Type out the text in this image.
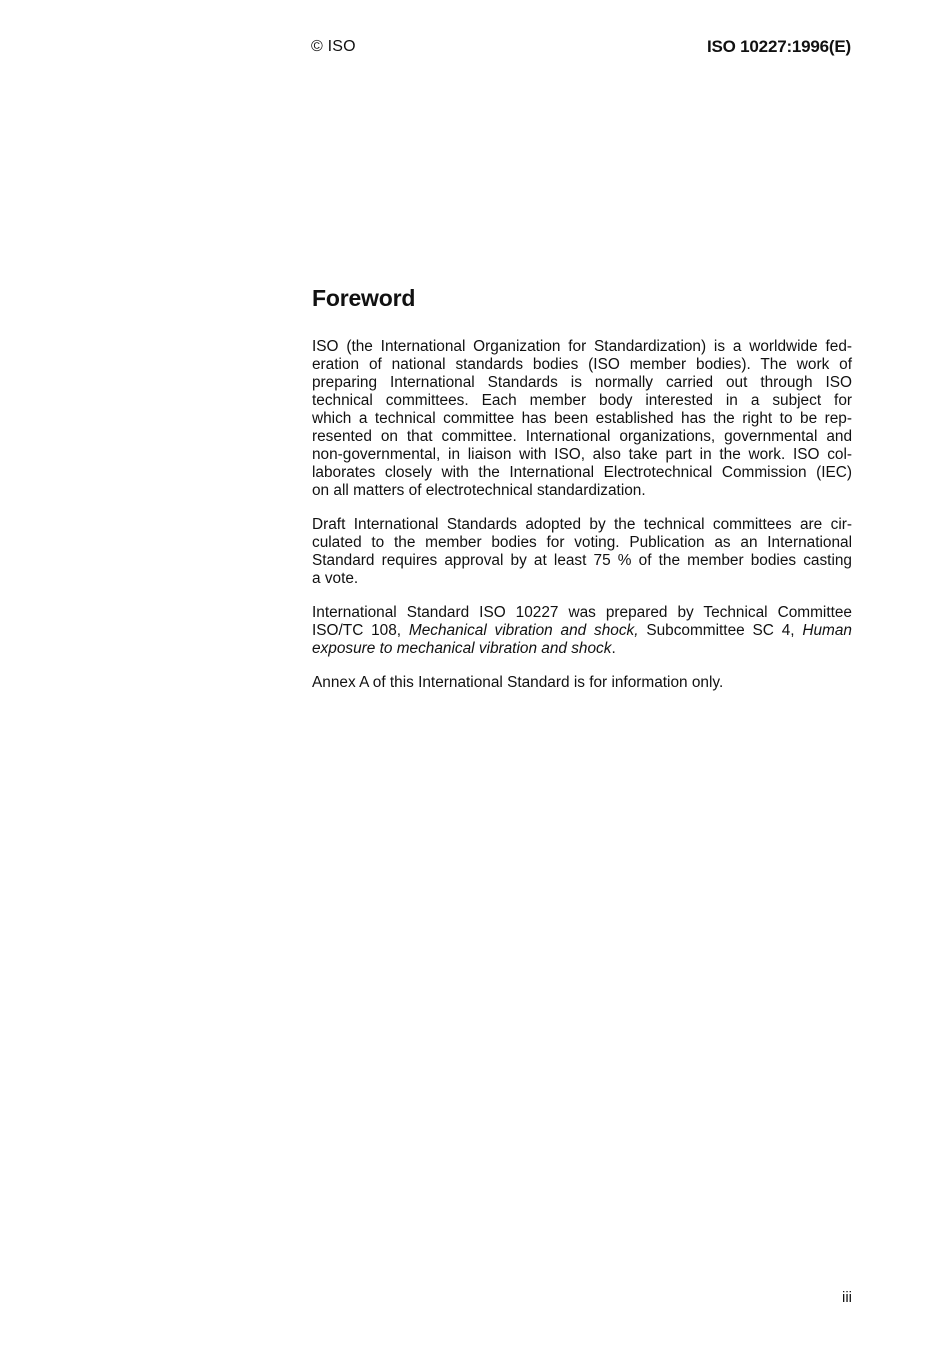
© ISO	ISO 10227:1996(E)
Foreword

ISO (the International Organization for Standardization) is a worldwide fed-
eration of national standards bodies (ISO member bodies). The work of
preparing International Standards is normally carried out through ISO
technical committees. Each member body interested in a subject for
which a technical committee has been established has the right to be rep-
resented on that committee. International organizations, governmental and
non-governmental, in liaison with ISO, also take part in the work. ISO col-
laborates closely with the International Electrotechnical Commission (IEC)
on all matters of electrotechnical standardization.

Draft International Standards adopted by the technical committees are cir-
culated to the member bodies for voting. Publication as an International
Standard requires approval by at least 75 % of the member bodies casting
a vote.

International Standard ISO 10227 was prepared by Technical Committee
ISO/TC 108, Mechanical vibration and shock, Subcommittee SC 4, Human
exposure to mechanical vibration and shock.

Annex A of this International Standard is for information only.

iii
